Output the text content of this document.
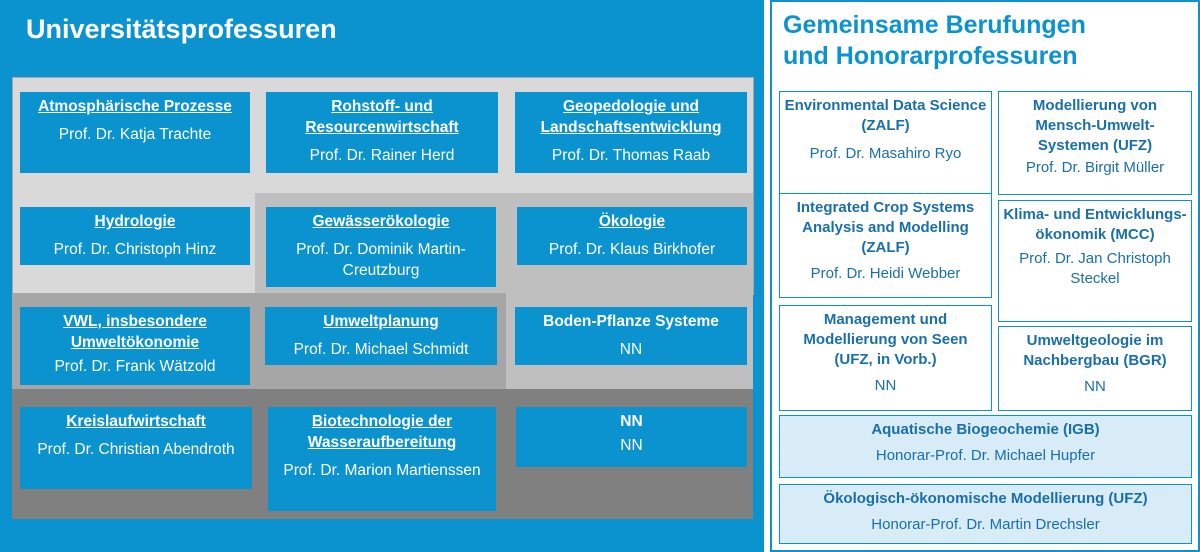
Universitätsprofessuren
Atmosphärische Prozesse
Prof. Dr. Katja Trachte
Rohstoff- und Resourcenwirtschaft
Prof. Dr. Rainer Herd
Geopedologie und Landschaftsentwicklung
Prof. Dr. Thomas Raab
Hydrologie
Prof. Dr. Christoph Hinz
Gewässerökologie
Prof. Dr. Dominik Martin-Creutzburg
Ökologie
Prof. Dr. Klaus Birkhofer
VWL, insbesondere Umweltökonomie
Prof. Dr. Frank Wätzold
Umweltplanung
Prof. Dr. Michael Schmidt
Boden-Pflanze Systeme
NN
Kreislaufwirtschaft
Prof. Dr. Christian Abendroth
Biotechnologie der Wasseraufbereitung
Prof. Dr. Marion Martienssen
NN
NN
Gemeinsame Berufungen
und Honorarprofessuren
Environmental Data Science (ZALF)
Prof. Dr. Masahiro Ryo
Modellierung von Mensch-Umwelt-Systemen (UFZ)
Prof. Dr. Birgit Müller
Integrated Crop Systems Analysis and Modelling (ZALF)
Prof. Dr. Heidi Webber
Klima- und Entwicklungs-ökonomik (MCC)
Prof. Dr. Jan Christoph Steckel
Management und Modellierung von Seen (UFZ, in Vorb.)
NN
Umweltgeologie im Nachbergbau (BGR)
NN
Aquatische Biogeochemie (IGB)
Honorar-Prof. Dr. Michael Hupfer
Ökologisch-ökonomische Modellierung (UFZ)
Honorar-Prof. Dr. Martin Drechsler
